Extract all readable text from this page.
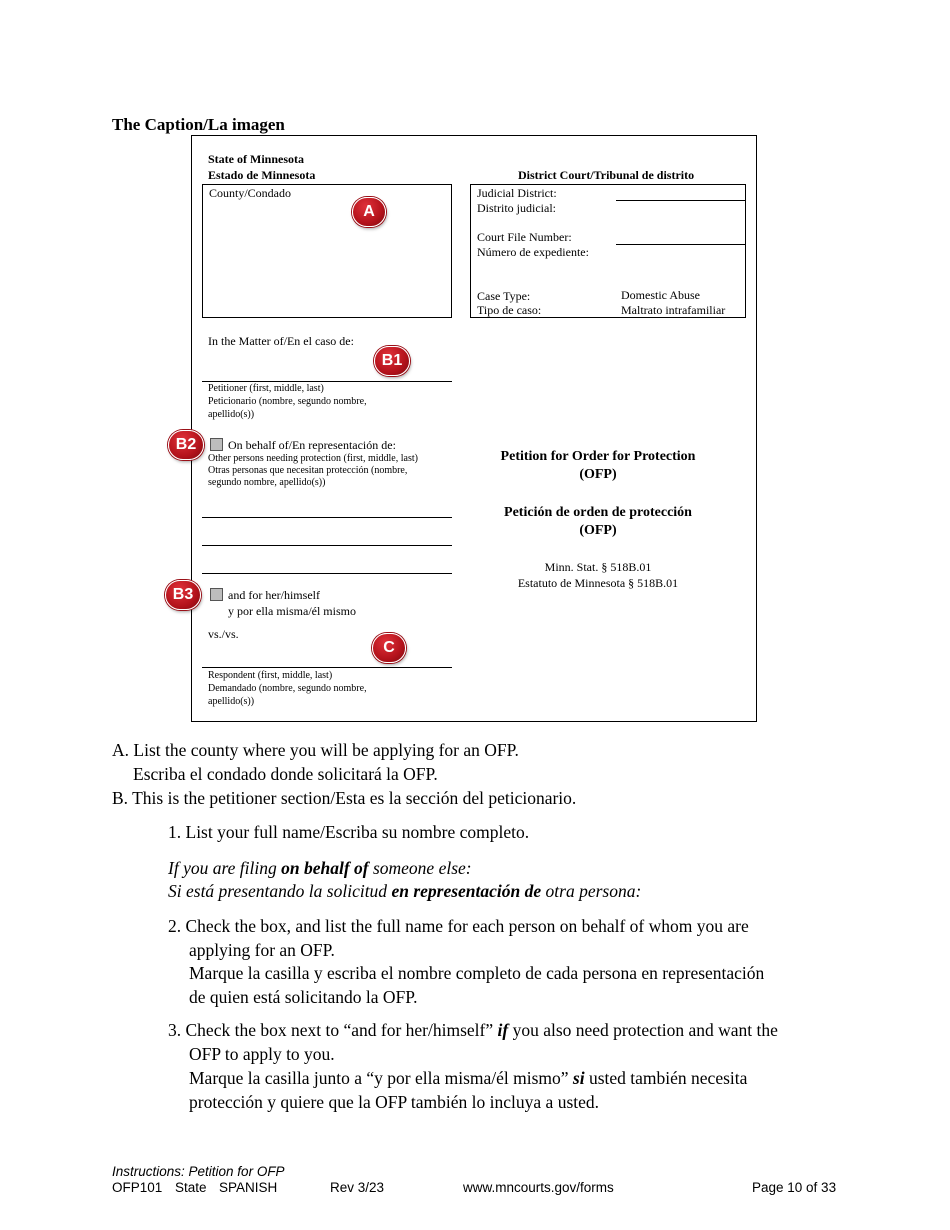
The Caption/La imagen
State of Minnesota
Estado de Minnesota	District Court/Tribunal de distrito
County/Condado	Judicial District:
Distrito judicial:
Court File Number:
Número de expediente:
Case Type:
Tipo de caso:
Domestic Abuse
Maltrato intrafamiliar
In the Matter of/En el caso de:
Petitioner (first, middle, last)
Peticionario (nombre, segundo nombre,
apellido(s))
On behalf of/En representación de:
Other persons needing protection (first, middle, last)
Otras personas que necesitan protección (nombre,
segundo nombre, apellido(s))
and for her/himself
y por ella misma/él mismo
vs./vs.
Respondent (first, middle, last)
Demandado (nombre, segundo nombre,
apellido(s))
Petition for Order for Protection
(OFP)
Petición de orden de protección
(OFP)
Minn. Stat. § 518B.01
Estatuto de Minnesota § 518B.01
A
B1
B2
B3
C
A. List the county where you will be applying for an OFP.
Escriba el condado donde solicitará la OFP.
B. This is the petitioner section/Esta es la sección del peticionario.
1. List your full name/Escriba su nombre completo.
If you are filing on behalf of someone else:
Si está presentando la solicitud en representación de otra persona:
2. Check the box, and list the full name for each person on behalf of whom you are
applying for an OFP.
Marque la casilla y escriba el nombre completo de cada persona en representación
de quien está solicitando la OFP.
3. Check the box next to “and for her/himself” if you also need protection and want the
OFP to apply to you.
Marque la casilla junto a “y por ella misma/él mismo” si usted también necesita
protección y quiere que la OFP también lo incluya a usted.
Instructions: Petition for OFP
OFP101 State SPANISH	Rev 3/23	www.mncourts.gov/forms	Page 10 of 33
